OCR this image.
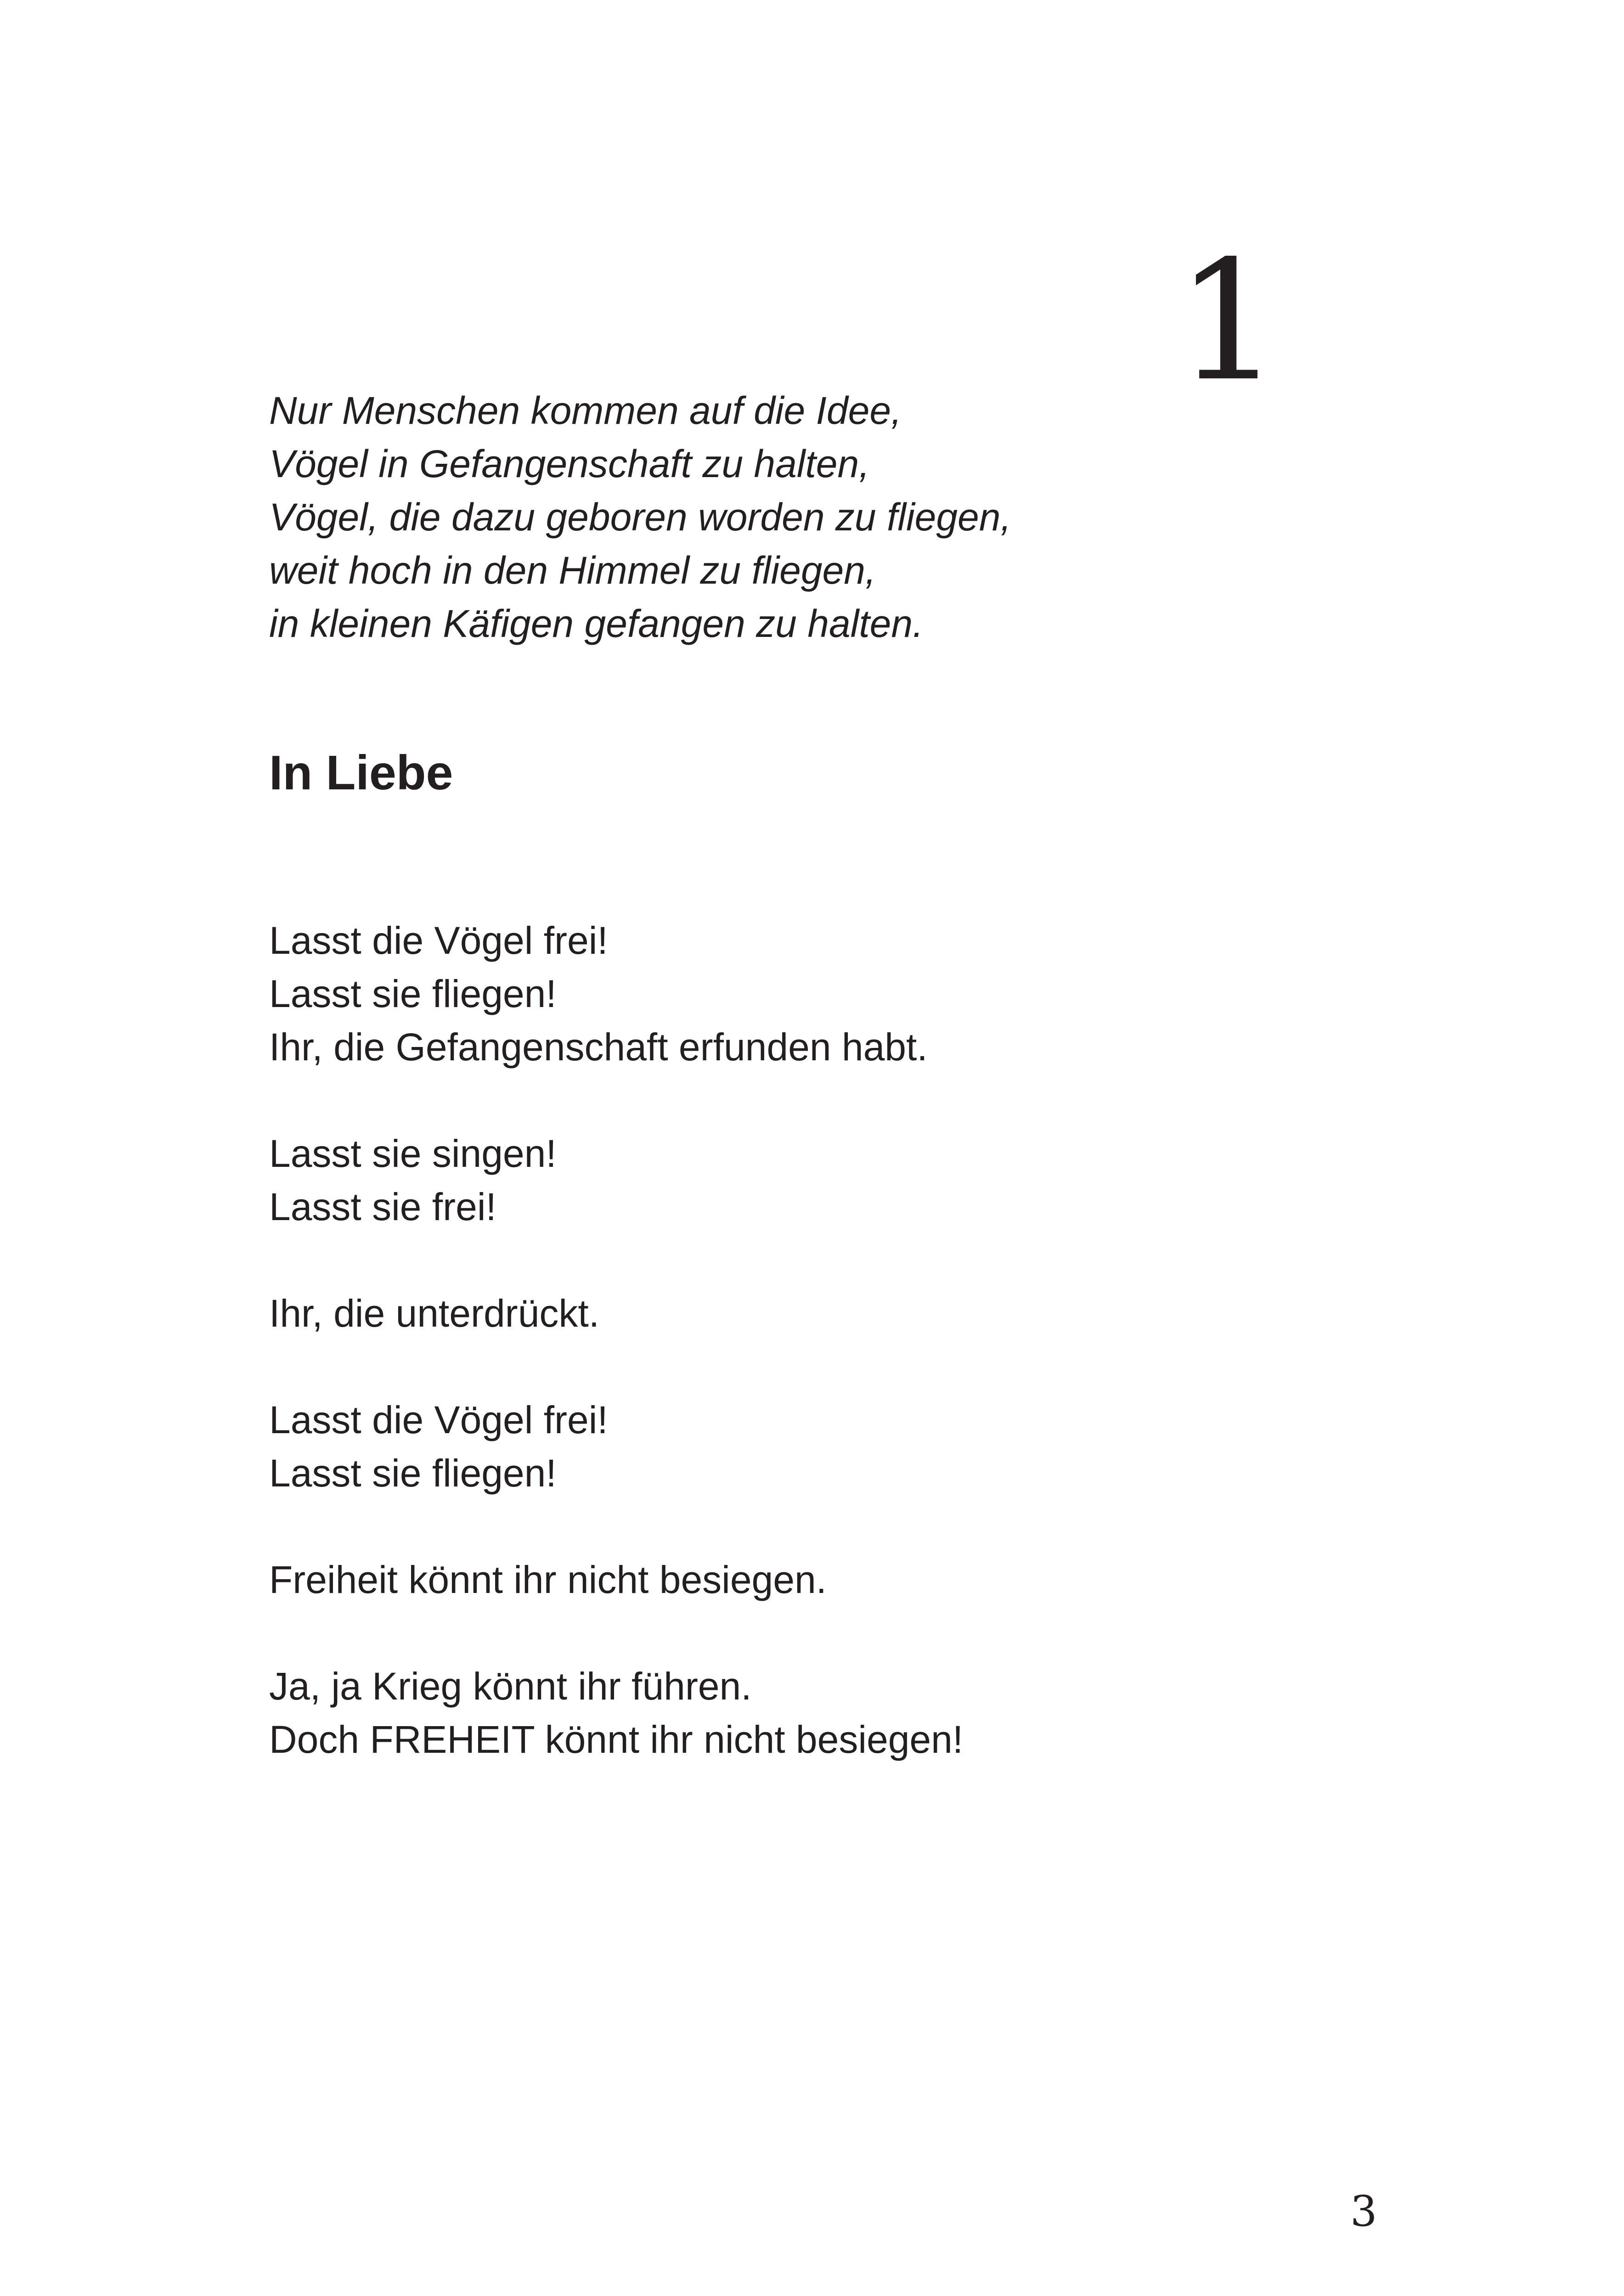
1
Nur Menschen kommen auf die Idee,
Vögel in Gefangenschaft zu halten,
Vögel, die dazu geboren worden zu fliegen,
weit hoch in den Himmel zu fliegen,
in kleinen Käfigen gefangen zu halten.
In Liebe

Lasst die Vögel frei!
Lasst sie fliegen!
Ihr, die Gefangenschaft erfunden habt.

Lasst sie singen!
Lasst sie frei!

Ihr, die unterdrückt.

Lasst die Vögel frei!
Lasst sie fliegen!

Freiheit könnt ihr nicht besiegen.

Ja, ja Krieg könnt ihr führen.
Doch FREHEIT könnt ihr nicht besiegen!

3
